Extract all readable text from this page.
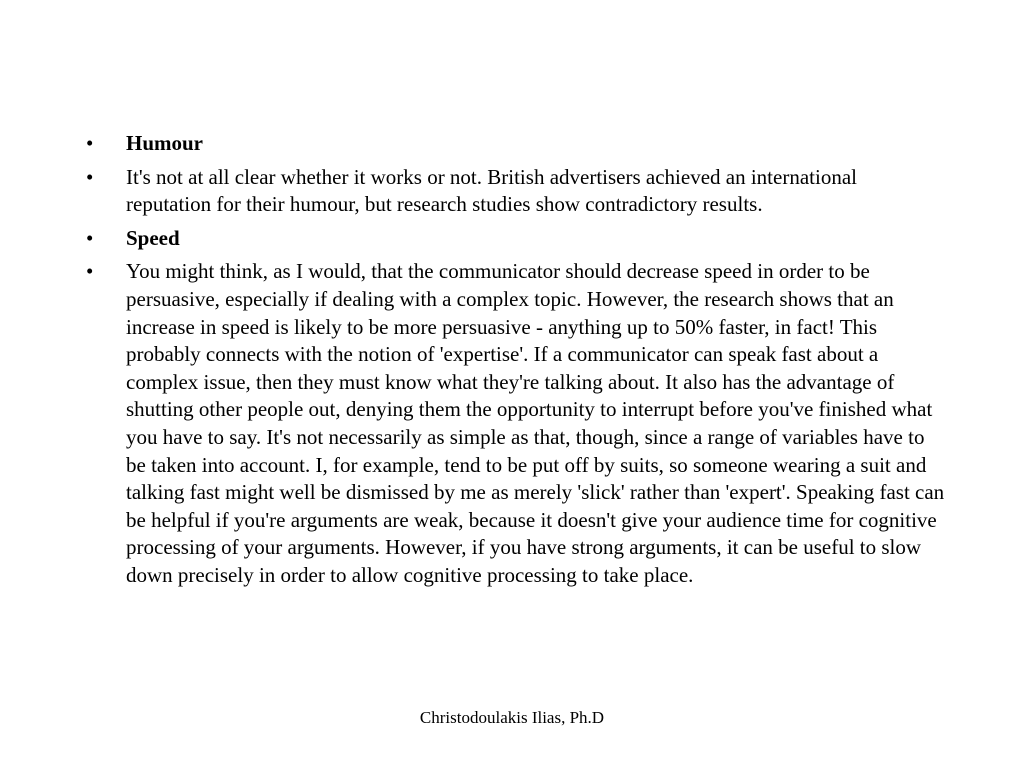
•	Humour
•	It's not at all clear whether it works or not. British advertisers achieved an international reputation for their humour, but research studies show contradictory results.
•	Speed
•	You might think, as I would, that the communicator should decrease speed in order to be persuasive, especially if dealing with a complex topic. However, the research shows that an increase in speed is likely to be more persuasive - anything up to 50% faster, in fact! This probably connects with the notion of 'expertise'. If a communicator can speak fast about a complex issue, then they must know what they're talking about. It also has the advantage of shutting other people out, denying them the opportunity to interrupt before you've finished what you have to say. It's not necessarily as simple as that, though, since a range of variables have to be taken into account. I, for example, tend to be put off by suits, so someone wearing a suit and talking fast might well be dismissed by me as merely 'slick' rather than 'expert'. Speaking fast can be helpful if you're arguments are weak, because it doesn't give your audience time for cognitive processing of your arguments. However, if you have strong arguments, it can be useful to slow down precisely in order to allow cognitive processing to take place.
Christodoulakis Ilias, Ph.D
